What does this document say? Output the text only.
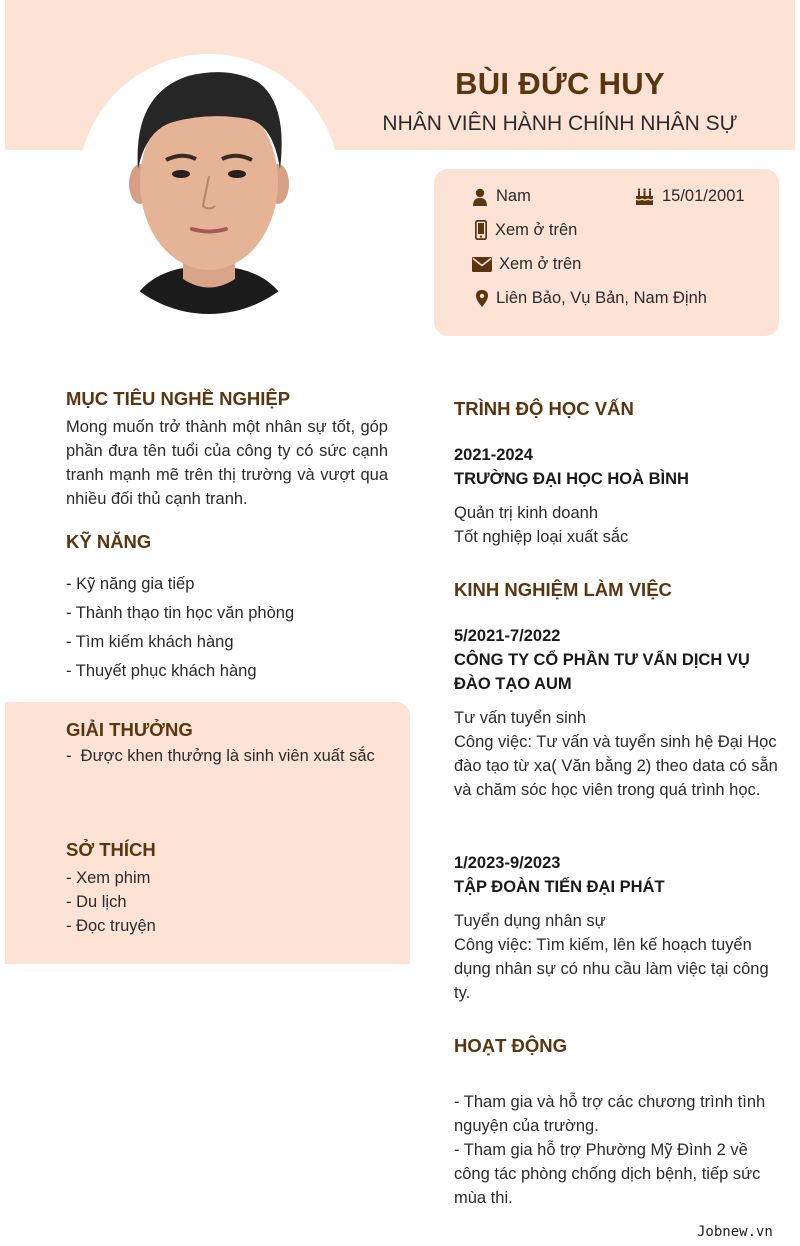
BÙI ĐỨC HUY
NHÂN VIÊN HÀNH CHÍNH NHÂN SỰ
Nam	15/01/2001
Xem ở trên
Xem ở trên
Liên Bảo, Vụ Bản, Nam Định
MỤC TIÊU NGHỀ NGHIỆP
Mong muốn trở thành một nhân sự tốt, góp phần đưa tên tuổi của công ty có sức cạnh tranh mạnh mẽ trên thị trường và vượt qua nhiều đối thủ cạnh tranh.
KỸ NĂNG
- Kỹ năng gia tiếp
- Thành thạo tin học văn phòng
- Tìm kiếm khách hàng
- Thuyết phục khách hàng
GIẢI THƯỞNG
-  Được khen thưởng là sinh viên xuất sắc
SỞ THÍCH
- Xem phim
- Du lịch
- Đọc truyện
TRÌNH ĐỘ HỌC VẤN
2021-2024
TRƯỜNG ĐẠI HỌC HOÀ BÌNH
Quản trị kinh doanh
Tốt nghiệp loại xuất sắc
KINH NGHIỆM LÀM VIỆC
5/2021-7/2022
CÔNG TY CỔ PHẦN TƯ VẤN DỊCH VỤ ĐÀO TẠO AUM
Tư vấn tuyển sinh
Công việc: Tư vấn và tuyển sinh hệ Đại Học đào tạo từ xa( Văn bằng 2) theo data có sẵn và chăm sóc học viên trong quá trình học.
1/2023-9/2023
TẬP ĐOÀN TIẾN ĐẠI PHÁT
Tuyển dụng nhân sự
Công việc: Tìm kiếm, lên kế hoạch tuyển dụng nhân sự có nhu cầu làm việc tại công ty.
HOẠT ĐỘNG
- Tham gia và hỗ trợ các chương trình tình nguyện của trường.
- Tham gia hỗ trợ Phường Mỹ Đình 2 về công tác phòng chống dịch bệnh, tiếp sức mùa thi.
Jobnew.vn
